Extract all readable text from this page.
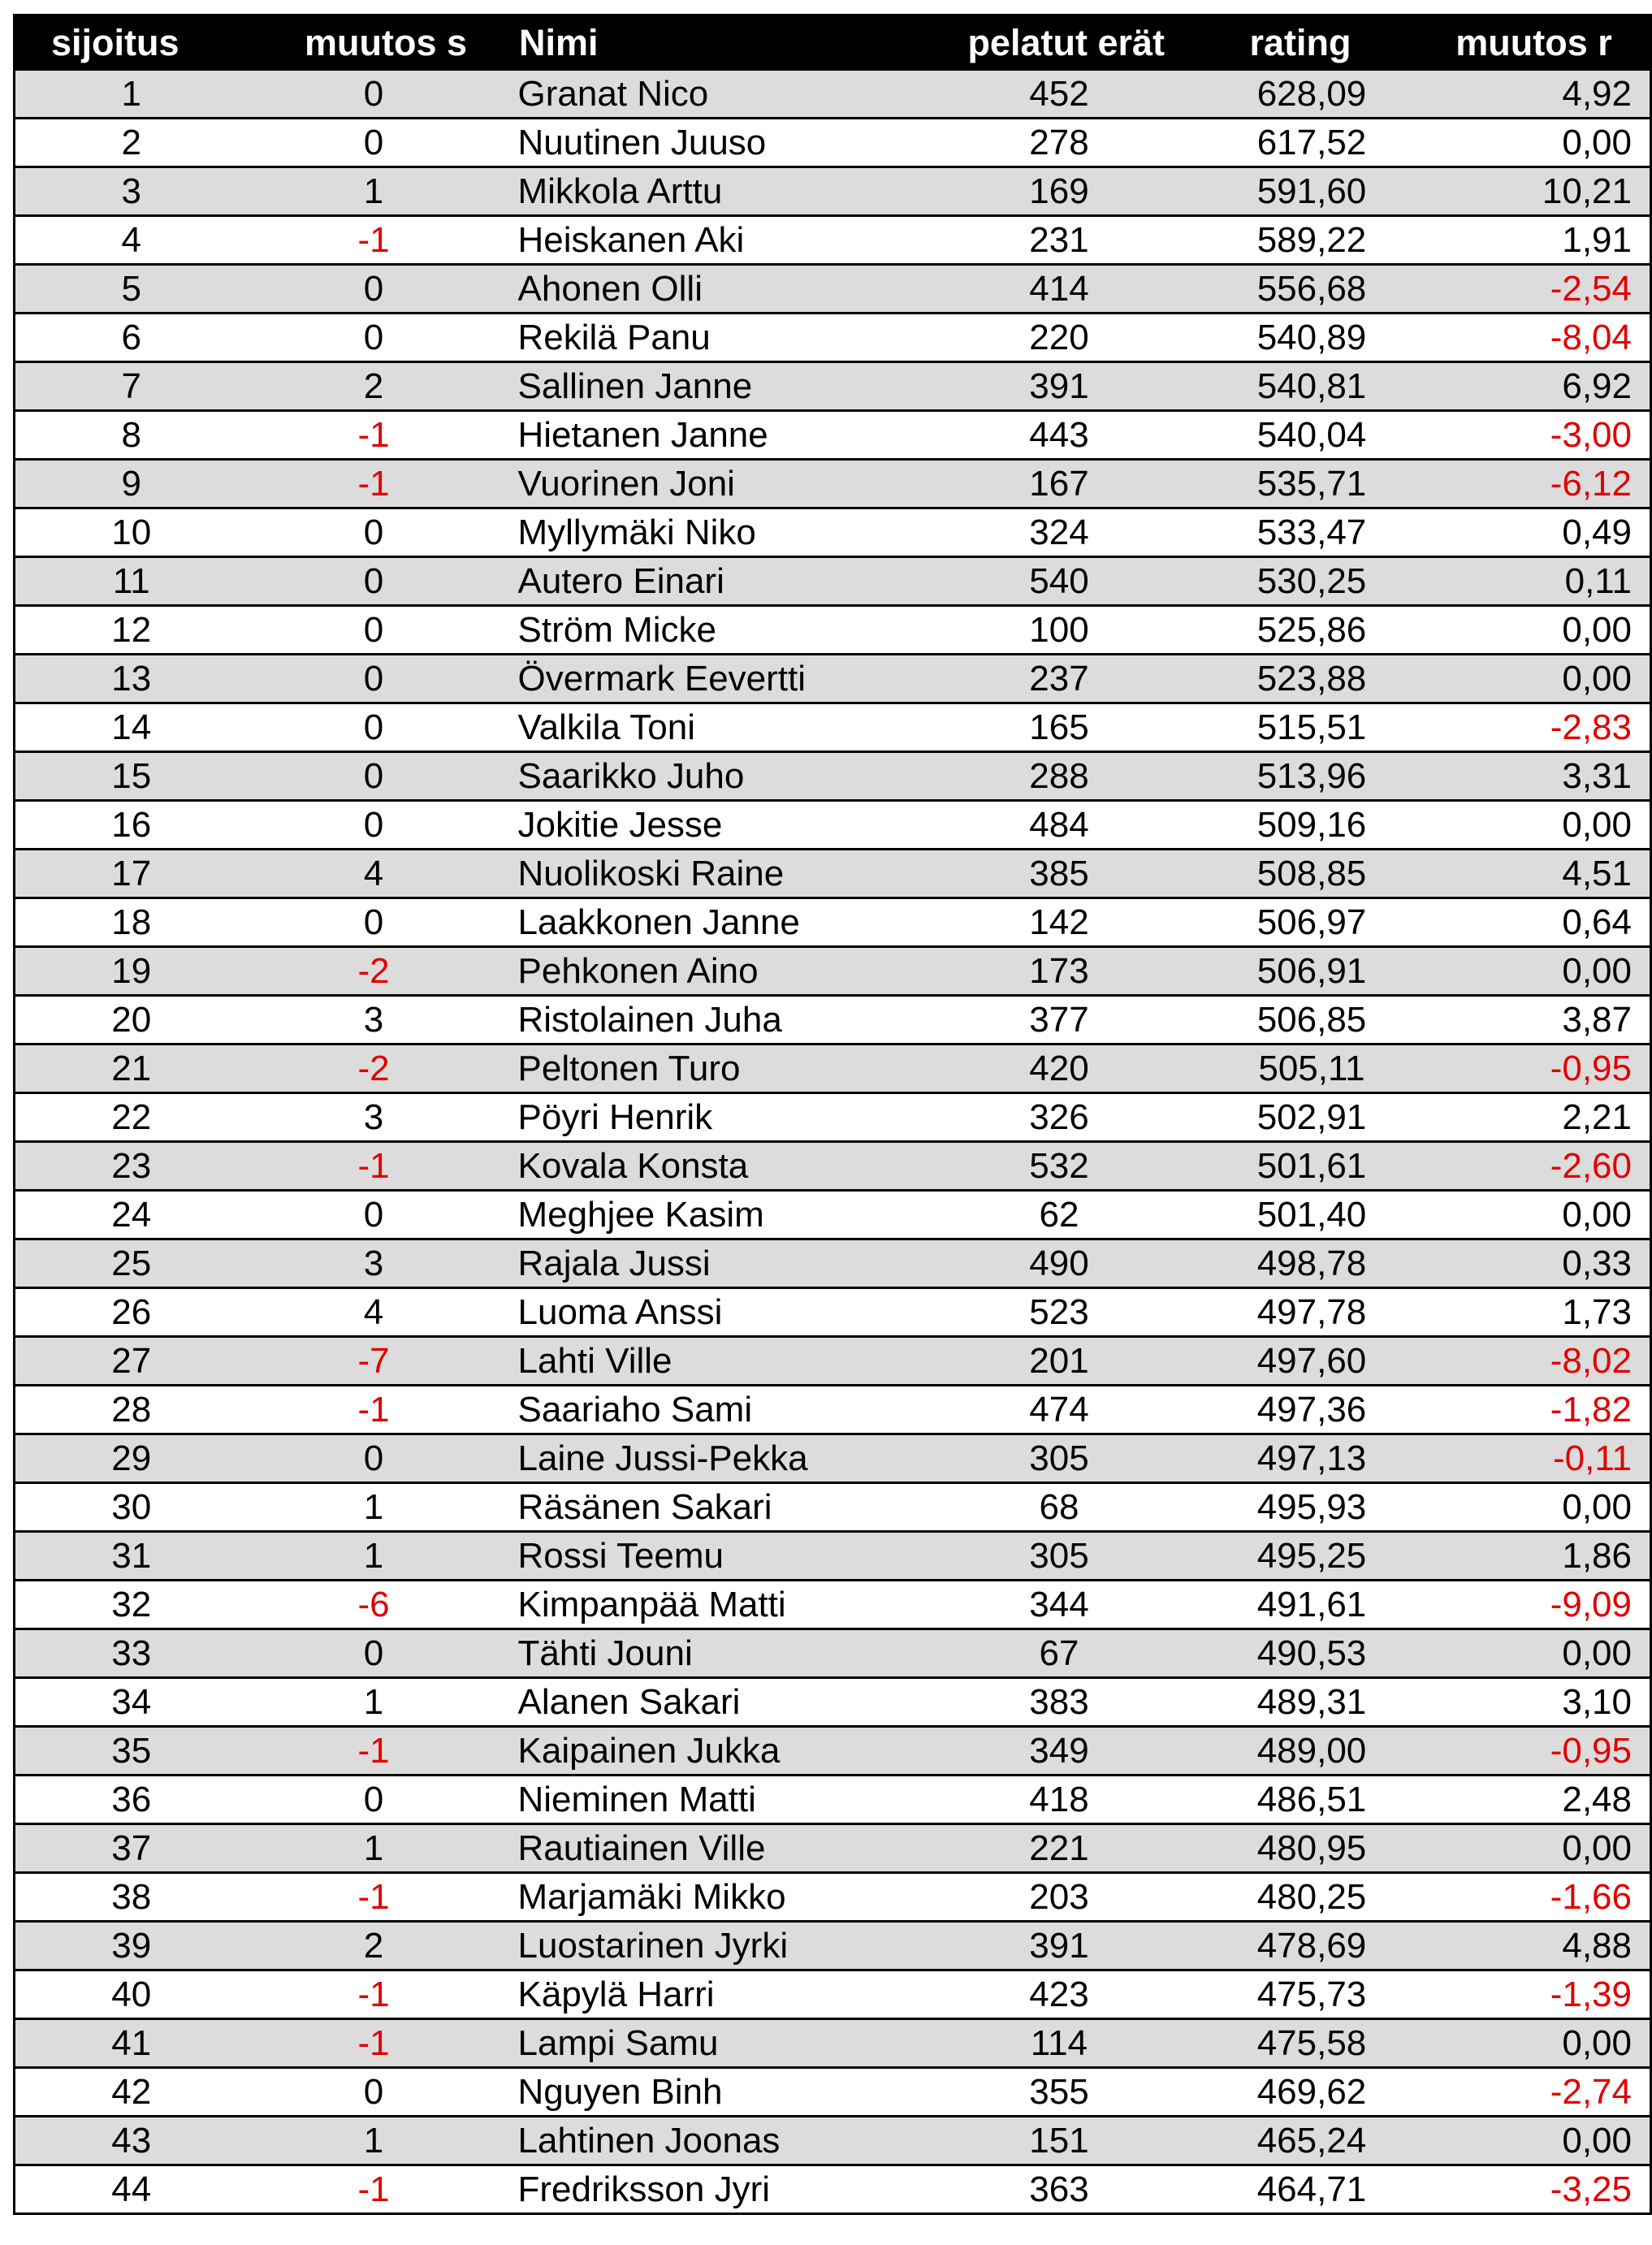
sijoitus	muutos s	Nimi	pelatut erät	rating	muutos r
1	0	Granat Nico	452	628,09	4,92
2	0	Nuutinen Juuso	278	617,52	0,00
3	1	Mikkola Arttu	169	591,60	10,21
4	-1	Heiskanen Aki	231	589,22	1,91
5	0	Ahonen Olli	414	556,68	-2,54
6	0	Rekilä Panu	220	540,89	-8,04
7	2	Sallinen Janne	391	540,81	6,92
8	-1	Hietanen Janne	443	540,04	-3,00
9	-1	Vuorinen Joni	167	535,71	-6,12
10	0	Myllymäki Niko	324	533,47	0,49
11	0	Autero Einari	540	530,25	0,11
12	0	Ström Micke	100	525,86	0,00
13	0	Övermark Eevertti	237	523,88	0,00
14	0	Valkila Toni	165	515,51	-2,83
15	0	Saarikko Juho	288	513,96	3,31
16	0	Jokitie Jesse	484	509,16	0,00
17	4	Nuolikoski Raine	385	508,85	4,51
18	0	Laakkonen Janne	142	506,97	0,64
19	-2	Pehkonen Aino	173	506,91	0,00
20	3	Ristolainen Juha	377	506,85	3,87
21	-2	Peltonen Turo	420	505,11	-0,95
22	3	Pöyri Henrik	326	502,91	2,21
23	-1	Kovala Konsta	532	501,61	-2,60
24	0	Meghjee Kasim	62	501,40	0,00
25	3	Rajala Jussi	490	498,78	0,33
26	4	Luoma Anssi	523	497,78	1,73
27	-7	Lahti Ville	201	497,60	-8,02
28	-1	Saariaho Sami	474	497,36	-1,82
29	0	Laine Jussi-Pekka	305	497,13	-0,11
30	1	Räsänen Sakari	68	495,93	0,00
31	1	Rossi Teemu	305	495,25	1,86
32	-6	Kimpanpää Matti	344	491,61	-9,09
33	0	Tähti Jouni	67	490,53	0,00
34	1	Alanen Sakari	383	489,31	3,10
35	-1	Kaipainen Jukka	349	489,00	-0,95
36	0	Nieminen Matti	418	486,51	2,48
37	1	Rautiainen Ville	221	480,95	0,00
38	-1	Marjamäki Mikko	203	480,25	-1,66
39	2	Luostarinen Jyrki	391	478,69	4,88
40	-1	Käpylä Harri	423	475,73	-1,39
41	-1	Lampi Samu	114	475,58	0,00
42	0	Nguyen Binh	355	469,62	-2,74
43	1	Lahtinen Joonas	151	465,24	0,00
44	-1	Fredriksson Jyri	363	464,71	-3,25
